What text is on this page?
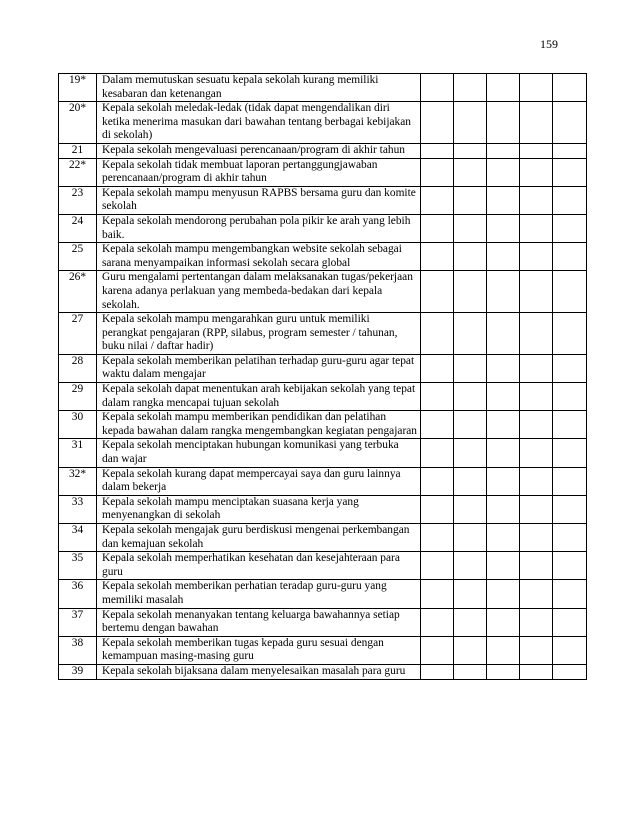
159
19*	Dalam memutuskan sesuatu kepala sekolah kurang memiliki kesabaran dan ketenangan					
20*	Kepala sekolah meledak-ledak (tidak dapat mengendalikan diri ketika menerima masukan dari bawahan tentang berbagai kebijakan di sekolah)					
21	Kepala sekolah mengevaluasi perencanaan/program di akhir tahun					
22*	Kepala sekolah tidak membuat laporan pertanggungjawaban perencanaan/program di akhir tahun					
23	Kepala sekolah mampu menyusun RAPBS bersama guru dan komite sekolah					
24	Kepala sekolah mendorong perubahan pola pikir ke arah yang lebih baik.					
25	Kepala sekolah mampu mengembangkan website sekolah sebagai sarana menyampaikan informasi sekolah secara global					
26*	Guru mengalami pertentangan dalam melaksanakan tugas/pekerjaan karena adanya perlakuan yang membeda-bedakan dari kepala sekolah.					
27	Kepala sekolah mampu mengarahkan guru untuk memiliki perangkat pengajaran (RPP, silabus, program semester / tahunan, buku nilai / daftar hadir)					
28	Kepala sekolah memberikan pelatihan terhadap guru-guru agar tepat waktu dalam mengajar					
29	Kepala sekolah dapat menentukan arah kebijakan sekolah yang tepat dalam rangka mencapai tujuan sekolah					
30	Kepala sekolah mampu memberikan pendidikan dan pelatihan kepada bawahan dalam rangka mengembangkan kegiatan pengajaran					
31	Kepala sekolah menciptakan hubungan komunikasi yang terbuka dan wajar					
32*	Kepala sekolah kurang dapat mempercayai saya dan guru lainnya dalam bekerja					
33	Kepala sekolah mampu menciptakan suasana kerja yang menyenangkan di sekolah					
34	Kepala sekolah mengajak guru berdiskusi mengenai perkembangan dan kemajuan sekolah					
35	Kepala sekolah memperhatikan kesehatan dan kesejahteraan para guru					
36	Kepala sekolah memberikan perhatian teradap guru-guru yang memiliki masalah					
37	Kepala sekolah menanyakan tentang keluarga bawahannya setiap bertemu dengan bawahan					
38	Kepala sekolah memberikan tugas kepada guru sesuai dengan kemampuan masing-masing guru					
39	Kepala sekolah bijaksana dalam menyelesaikan masalah para guru					
